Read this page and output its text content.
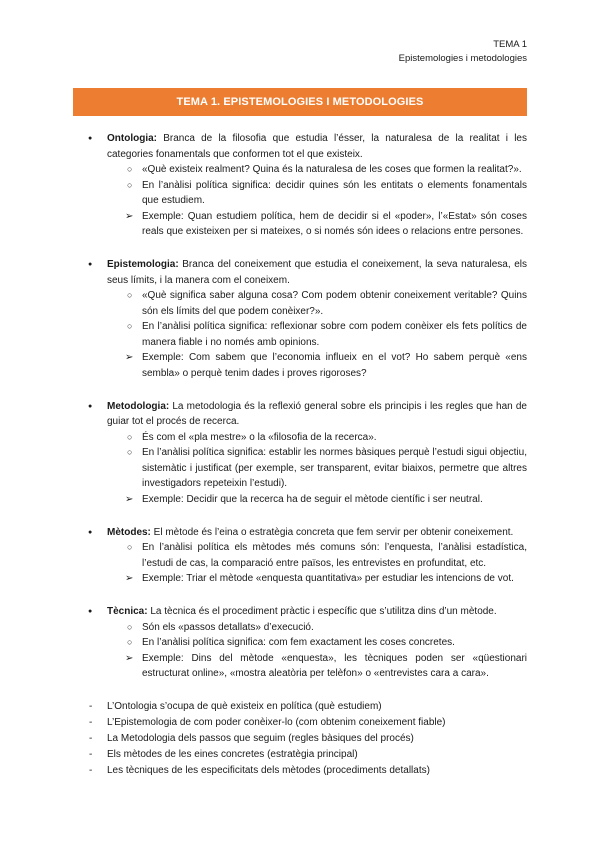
TEMA 1
Epistemologies i metodologies
TEMA 1. EPISTEMOLOGIES I METODOLOGIES
● Ontologia: Branca de la filosofia que estudia l’ésser, la naturalesa de la realitat i les categories fonamentals que conformen tot el que existeix.
○ «Què existeix realment? Quina és la naturalesa de les coses que formen la realitat?».
○ En l’anàlisi política significa: decidir quines són les entitats o elements fonamentals que estudiem.
➢ Exemple: Quan estudiem política, hem de decidir si el «poder», l’«Estat» són coses reals que existeixen per si mateixes, o si només són idees o relacions entre persones.
● Epistemologia: Branca del coneixement que estudia el coneixement, la seva naturalesa, els seus límits, i la manera com el coneixem.
○ «Què significa saber alguna cosa? Com podem obtenir coneixement veritable? Quins són els límits del que podem conèixer?».
○ En l’anàlisi política significa: reflexionar sobre com podem conèixer els fets polítics de manera fiable i no només amb opinions.
➢ Exemple: Com sabem que l’economia influeix en el vot? Ho sabem perquè «ens sembla» o perquè tenim dades i proves rigoroses?
● Metodologia: La metodologia és la reflexió general sobre els principis i les regles que han de guiar tot el procés de recerca.
○ És com el «pla mestre» o la «filosofia de la recerca».
○ En l’anàlisi política significa: establir les normes bàsiques perquè l’estudi sigui objectiu, sistemàtic i justificat (per exemple, ser transparent, evitar biaixos, permetre que altres investigadors repeteixin l’estudi).
➢ Exemple: Decidir que la recerca ha de seguir el mètode científic i ser neutral.
● Mètodes: El mètode és l’eina o estratègia concreta que fem servir per obtenir coneixement.
○ En l’anàlisi política els mètodes més comuns són: l’enquesta, l’anàlisi estadística, l’estudi de cas, la comparació entre països, les entrevistes en profunditat, etc.
➢ Exemple: Triar el mètode «enquesta quantitativa» per estudiar les intencions de vot.
● Tècnica: La tècnica és el procediment pràctic i específic que s’utilitza dins d’un mètode.
○ Són els «passos detallats» d’execució.
○ En l’anàlisi política significa: com fem exactament les coses concretes.
➢ Exemple: Dins del mètode «enquesta», les tècniques poden ser «qüestionari estructurat online», «mostra aleatòria per telèfon» o «entrevistes cara a cara».
- L’Ontologia s’ocupa de què existeix en política (què estudiem)
- L’Epistemologia de com poder conèixer-lo (com obtenim coneixement fiable)
- La Metodologia dels passos que seguim (regles bàsiques del procés)
- Els mètodes de les eines concretes (estratègia principal)
- Les tècniques de les especificitats dels mètodes (procediments detallats)
